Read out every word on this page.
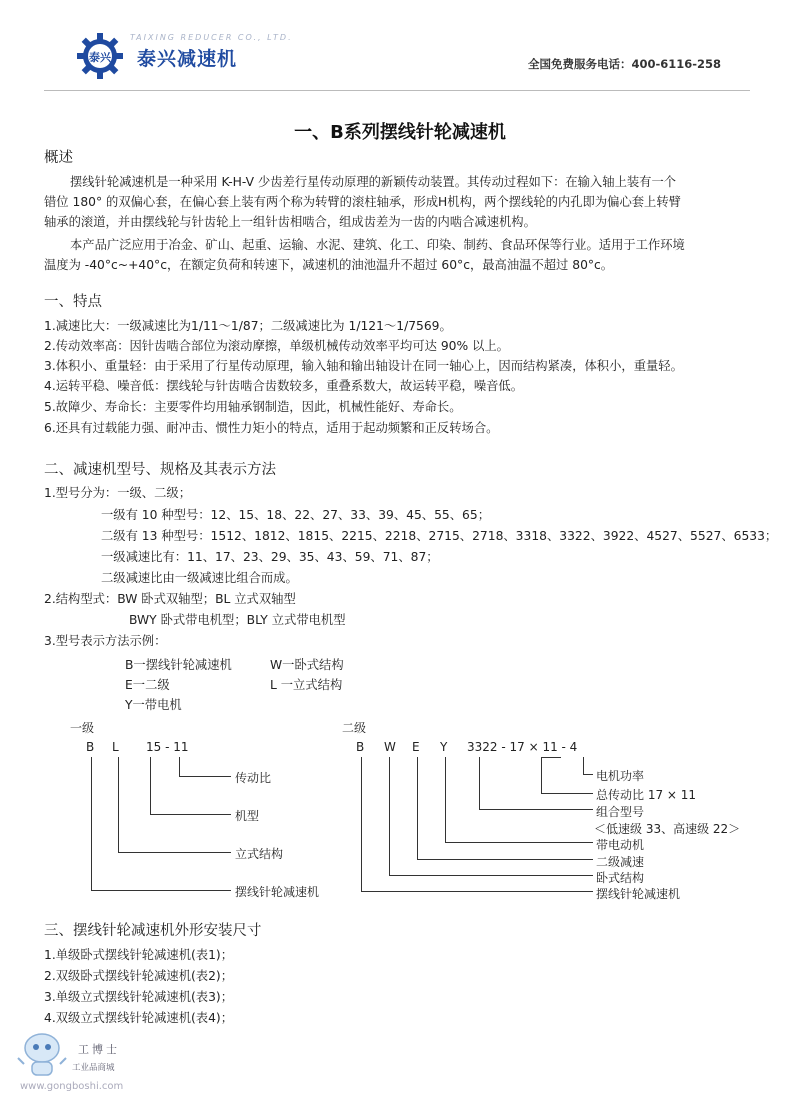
泰兴
TAIXING REDUCER CO., LTD.
泰兴减速机	全国免费服务电话：400-6116-258
一、B系列摆线针轮减速机
概述
摆线针轮减速机是一种采用 K-H-V 少齿差行星传动原理的新颖传动装置。其传动过程如下：在输入轴上装有一个
错位 180° 的双偏心套，在偏心套上装有两个称为转臂的滚柱轴承，形成H机构，两个摆线轮的内孔即为偏心套上转臂
轴承的滚道，并由摆线轮与针齿轮上一组针齿相啮合，组成齿差为一齿的内啮合减速机构。
本产品广泛应用于冶金、矿山、起重、运输、水泥、建筑、化工、印染、制药、食品环保等行业。适用于工作环境
温度为 -40°c~+40°c，在额定负荷和转速下，减速机的油池温升不超过 60°c，最高油温不超过 80°c。
一、特点
1.减速比大：一级减速比为1/11～1/87；二级减速比为 1/121～1/7569。
2.传动效率高：因针齿啮合部位为滚动摩擦，单级机械传动效率平均可达 90% 以上。
3.体积小、重量轻：由于采用了行星传动原理，输入轴和输出轴设计在同一轴心上，因而结构紧凑，体积小，重量轻。
4.运转平稳、噪音低：摆线轮与针齿啮合齿数较多，重叠系数大，故运转平稳，噪音低。
5.故障少、寿命长：主要零件均用轴承钢制造，因此，机械性能好、寿命长。
6.还具有过载能力强、耐冲击、惯性力矩小的特点，适用于起动频繁和正反转场合。
二、减速机型号、规格及其表示方法
1.型号分为：一级、二级；
一级有 10 种型号：12、15、18、22、27、33、39、45、55、65；
二级有 13 种型号：1512、1812、1815、2215、2218、2715、2718、3318、3322、3922、4527、5527、6533；
一级减速比有：11、17、23、29、35、43、59、71、87；
二级减速比由一级减速比组合而成。
2.结构型式：BW 卧式双轴型；BL 立式双轴型
BWY 卧式带电机型；BLY 立式带电机型
3.型号表示方法示例：
B一摆线针轮减速机	W一卧式结构
E一二级	L 一立式结构
Y一带电机
一级
B L 15 - 11
传动比
机型
立式结构
摆线针轮减速机
二级
B W E Y 3322 - 17 × 11 - 4
电机功率
总传动比 17 × 11
组合型号
＜低速级 33、高速级 22＞
带电动机
二级减速
卧式结构
摆线针轮减速机
三、摆线针轮减速机外形安装尺寸
1.单级卧式摆线针轮减速机(表1)；
2.双级卧式摆线针轮减速机(表2)；
3.单级立式摆线针轮减速机(表3)；
4.双级立式摆线针轮减速机(表4)；
工博士
工业品商城
www.gongboshi.com
